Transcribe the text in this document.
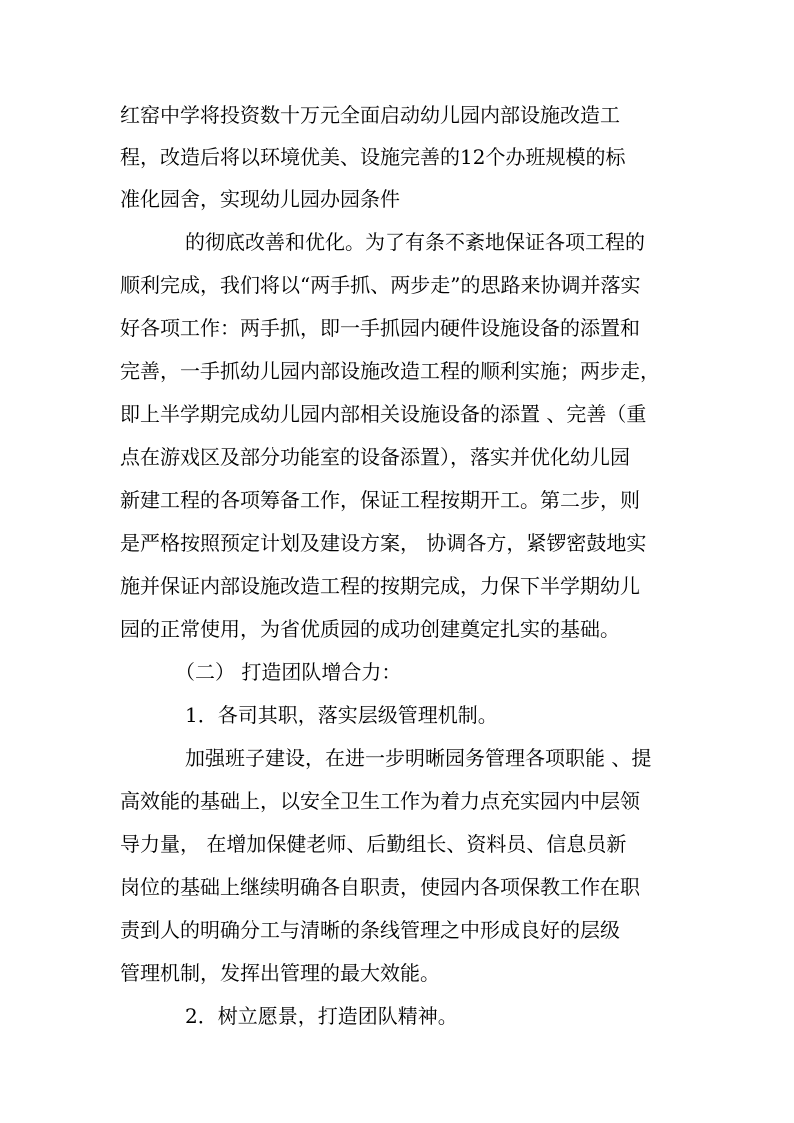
红窑中学将投资数十万元全面启动幼儿园内部设施改造工
程，改造后将以环境优美、设施完善的12个办班规模的标
准化园舍，实现幼儿园办园条件
的彻底改善和优化。为了有条不紊地保证各项工程的
顺利完成，我们将以“两手抓、两步走”的思路来协调并落实
好各项工作：两手抓，即一手抓园内硬件设施设备的添置和
完善，一手抓幼儿园内部设施改造工程的顺利实施；两步走，
即上半学期完成幼儿园内部相关设施设备的添置 、完善（重
点在游戏区及部分功能室的设备添置），落实并优化幼儿园
新建工程的各项筹备工作，保证工程按期开工。第二步，则
是严格按照预定计划及建设方案， 协调各方，紧锣密鼓地实
施并保证内部设施改造工程的按期完成，力保下半学期幼儿
园的正常使用，为省优质园的成功创建奠定扎实的基础。
（二） 打造团队增合力：
1．各司其职，落实层级管理机制。
加强班子建设，在进一步明晰园务管理各项职能 、提
高效能的基础上，以安全卫生工作为着力点充实园内中层领
导力量， 在增加保健老师、后勤组长、资料员、信息员新
岗位的基础上继续明确各自职责，使园内各项保教工作在职
责到人的明确分工与清晰的条线管理之中形成良好的层级
管理机制，发挥出管理的最大效能。
2．树立愿景，打造团队精神。
